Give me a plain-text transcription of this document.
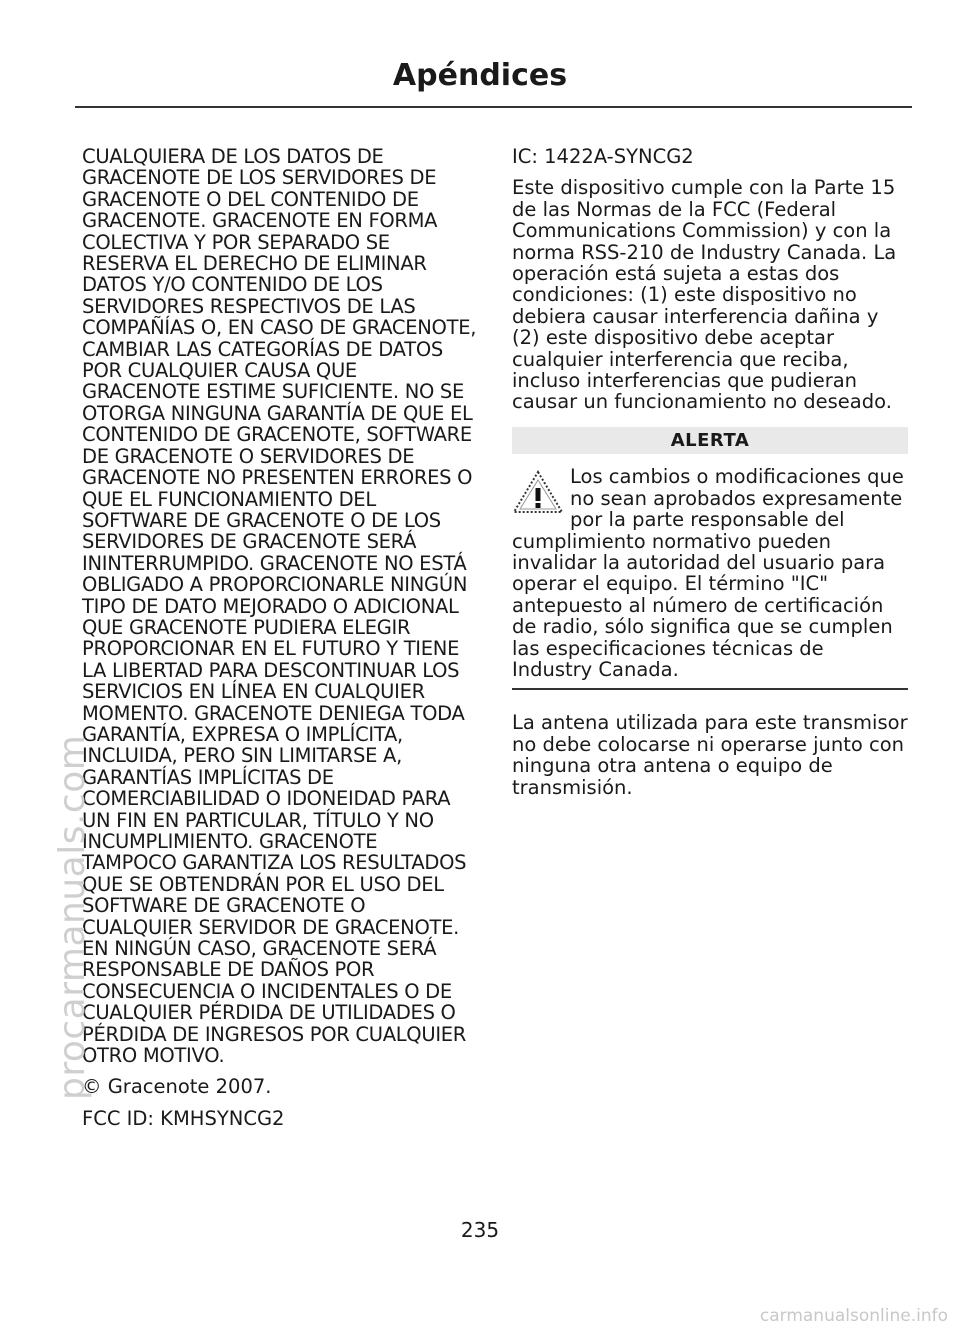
Apéndices

CUALQUIERA DE LOS DATOS DE GRACENOTE DE LOS SERVIDORES DE GRACENOTE O DEL CONTENIDO DE GRACENOTE. GRACENOTE EN FORMA COLECTIVA Y POR SEPARADO SE RESERVA EL DERECHO DE ELIMINAR DATOS Y/O CONTENIDO DE LOS SERVIDORES RESPECTIVOS DE LAS COMPAÑÍAS O, EN CASO DE GRACENOTE, CAMBIAR LAS CATEGORÍAS DE DATOS POR CUALQUIER CAUSA QUE GRACENOTE ESTIME SUFICIENTE. NO SE OTORGA NINGUNA GARANTÍA DE QUE EL CONTENIDO DE GRACENOTE, SOFTWARE DE GRACENOTE O SERVIDORES DE GRACENOTE NO PRESENTEN ERRORES O QUE EL FUNCIONAMIENTO DEL SOFTWARE DE GRACENOTE O DE LOS SERVIDORES DE GRACENOTE SERÁ ININTERRUMPIDO. GRACENOTE NO ESTÁ OBLIGADO A PROPORCIONARLE NINGÚN TIPO DE DATO MEJORADO O ADICIONAL QUE GRACENOTE PUDIERA ELEGIR PROPORCIONAR EN EL FUTURO Y TIENE LA LIBERTAD PARA DESCONTINUAR LOS SERVICIOS EN LÍNEA EN CUALQUIER MOMENTO. GRACENOTE DENIEGA TODA GARANTÍA, EXPRESA O IMPLÍCITA, INCLUIDA, PERO SIN LIMITARSE A, GARANTÍAS IMPLÍCITAS DE COMERCIABILIDAD O IDONEIDAD PARA UN FIN EN PARTICULAR, TÍTULO Y NO INCUMPLIMIENTO. GRACENOTE TAMPOCO GARANTIZA LOS RESULTADOS QUE SE OBTENDRÁN POR EL USO DEL SOFTWARE DE GRACENOTE O CUALQUIER SERVIDOR DE GRACENOTE. EN NINGÚN CASO, GRACENOTE SERÁ RESPONSABLE DE DAÑOS POR CONSECUENCIA O INCIDENTALES O DE CUALQUIER PÉRDIDA DE UTILIDADES O PÉRDIDA DE INGRESOS POR CUALQUIER OTRO MOTIVO.

© Gracenote 2007.

FCC ID: KMHSYNCG2

IC: 1422A-SYNCG2

Este dispositivo cumple con la Parte 15 de las Normas de la FCC (Federal Communications Commission) y con la norma RSS-210 de Industry Canada. La operación está sujeta a estas dos condiciones: (1) este dispositivo no debiera causar interferencia dañina y (2) este dispositivo debe aceptar cualquier interferencia que reciba, incluso interferencias que pudieran causar un funcionamiento no deseado.

ALERTA
Los cambios o modificaciones que no sean aprobados expresamente por la parte responsable del cumplimiento normativo pueden invalidar la autoridad del usuario para operar el equipo. El término "IC" antepuesto al número de certificación de radio, sólo significa que se cumplen las especificaciones técnicas de Industry Canada.

La antena utilizada para este transmisor no debe colocarse ni operarse junto con ninguna otra antena o equipo de transmisión.

235
procarmanuals.com
carmanualsonline.info
